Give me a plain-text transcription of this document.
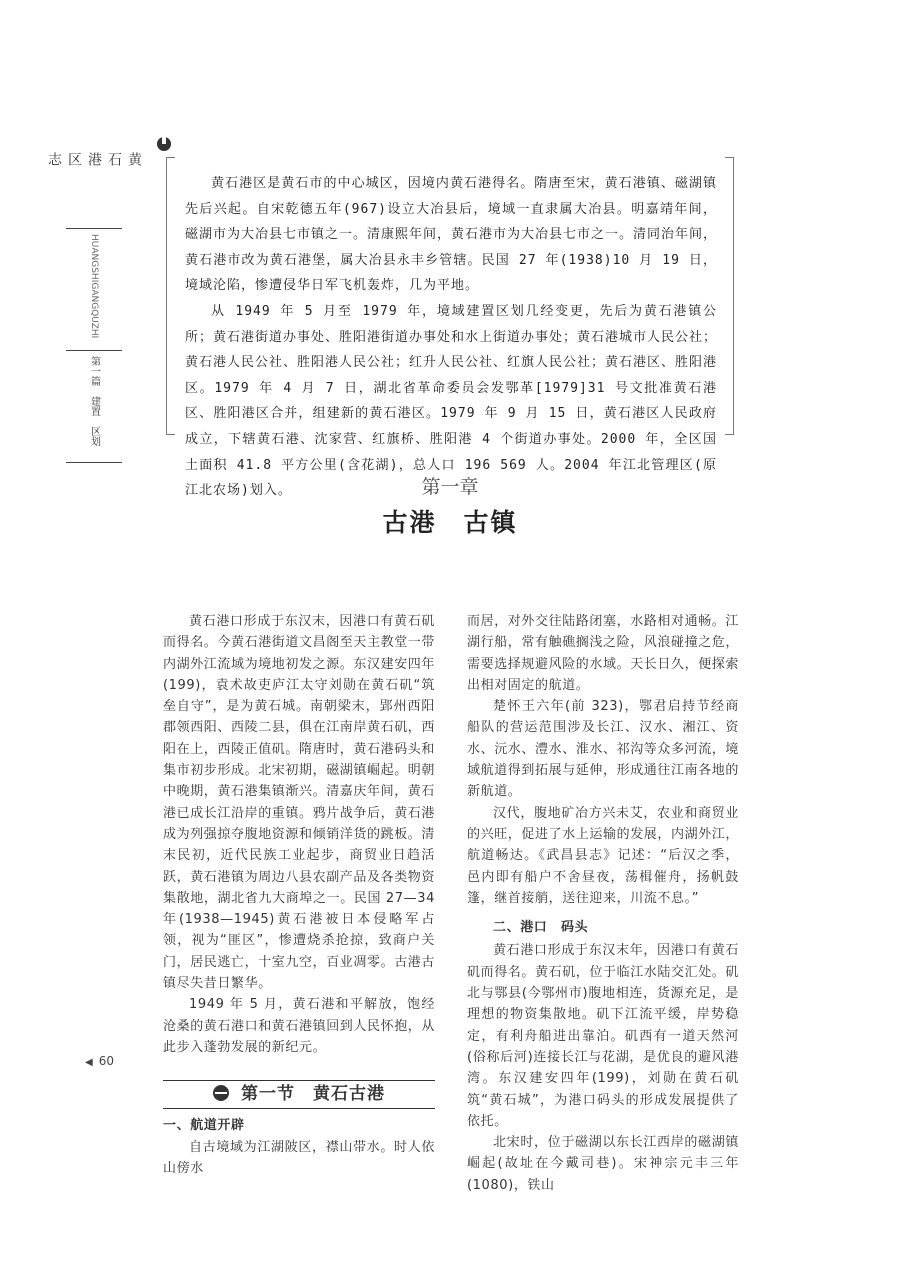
黄石港区志
HUANGSHIGANGQUZHI
第一篇　建置　区划

黄石港区是黄石市的中心城区，因境内黄石港得名。隋唐至宋，黄石港镇、磁湖镇先后兴起。自宋乾德五年(967)设立大冶县后，境域一直隶属大冶县。明嘉靖年间，磁湖市为大冶县七市镇之一。清康熙年间，黄石港市为大冶县七市之一。清同治年间，黄石港市改为黄石港堡，属大冶县永丰乡管辖。民国 27 年(1938)10 月 19 日，境域沦陷，惨遭侵华日军飞机轰炸，几为平地。

从 1949 年 5 月至 1979 年，境域建置区划几经变更，先后为黄石港镇公所；黄石港街道办事处、胜阳港街道办事处和水上街道办事处；黄石港城市人民公社；黄石港人民公社、胜阳港人民公社；红升人民公社、红旗人民公社；黄石港区、胜阳港区。1979 年 4 月 7 日，湖北省革命委员会发鄂革[1979]31 号文批准黄石港区、胜阳港区合并，组建新的黄石港区。1979 年 9 月 15 日，黄石港区人民政府成立，下辖黄石港、沈家营、红旗桥、胜阳港 4 个街道办事处。2000 年，全区国土面积 41.8 平方公里(含花湖)，总人口 196 569 人。2004 年江北管理区(原江北农场)划入。	第一章
古港　古镇

黄石港口形成于东汉末，因港口有黄石矶而得名。今黄石港街道文昌阁至天主教堂一带内湖外江流域为境地初发之源。东汉建安四年(199)，袁术故吏庐江太守刘勋在黄石矶“筑垒自守”，是为黄石城。南朝梁末，郢州西阳郡领西阳、西陵二县，俱在江南岸黄石矶，西阳在上，西陵正值矶。隋唐时，黄石港码头和集市初步形成。北宋初期，磁湖镇崛起。明朝中晚期，黄石港集镇渐兴。清嘉庆年间，黄石港已成长江沿岸的重镇。鸦片战争后，黄石港成为列强掠夺腹地资源和倾销洋货的跳板。清末民初，近代民族工业起步，商贸业日趋活跃，黄石港镇为周边八县农副产品及各类物资集散地，湖北省九大商埠之一。民国 27—34 年(1938—1945)黄石港被日本侵略军占领，视为“匪区”，惨遭烧杀抢掠，致商户关门，居民逃亡，十室九空，百业凋零。古港古镇尽失昔日繁华。

1949 年 5 月，黄石港和平解放，饱经沧桑的黄石港口和黄石港镇回到人民怀抱，从此步入蓬勃发展的新纪元。

第一节　黄石古港
一、航道开辟

自古境域为江湖陂区，襟山带水。时人依山傍水

而居，对外交往陆路闭塞，水路相对通畅。江湖行船，常有触礁搁浅之险，风浪碰撞之危，需要选择规避风险的水域。天长日久，便探索出相对固定的航道。

楚怀王六年(前 323)，鄂君启持节经商船队的营运范围涉及长江、汉水、湘江、资水、沅水、澧水、淮水、祁沟等众多河流，境域航道得到拓展与延伸，形成通往江南各地的新航道。

汉代，腹地矿冶方兴未艾，农业和商贸业的兴旺，促进了水上运输的发展，内湖外江，航道畅达。《武昌县志》记述：“后汉之季，邑内即有船户不舍昼夜，荡楫催舟，扬帆鼓篷，继首接艄，送往迎来，川流不息。”

二、港口　码头

黄石港口形成于东汉末年，因港口有黄石矶而得名。黄石矶，位于临江水陆交汇处。矶北与鄂县(今鄂州市)腹地相连，货源充足，是理想的物资集散地。矶下江流平缓，岸势稳定，有利舟船进出靠泊。矶西有一道天然河(俗称后河)连接长江与花湖，是优良的避风港湾。东汉建安四年(199)，刘勋在黄石矶筑“黄石城”，为港口码头的形成发展提供了依托。

北宋时，位于磁湖以东长江西岸的磁湖镇崛起(故址在今戴司巷)。宋神宗元丰三年(1080)，铁山

◀ 60
